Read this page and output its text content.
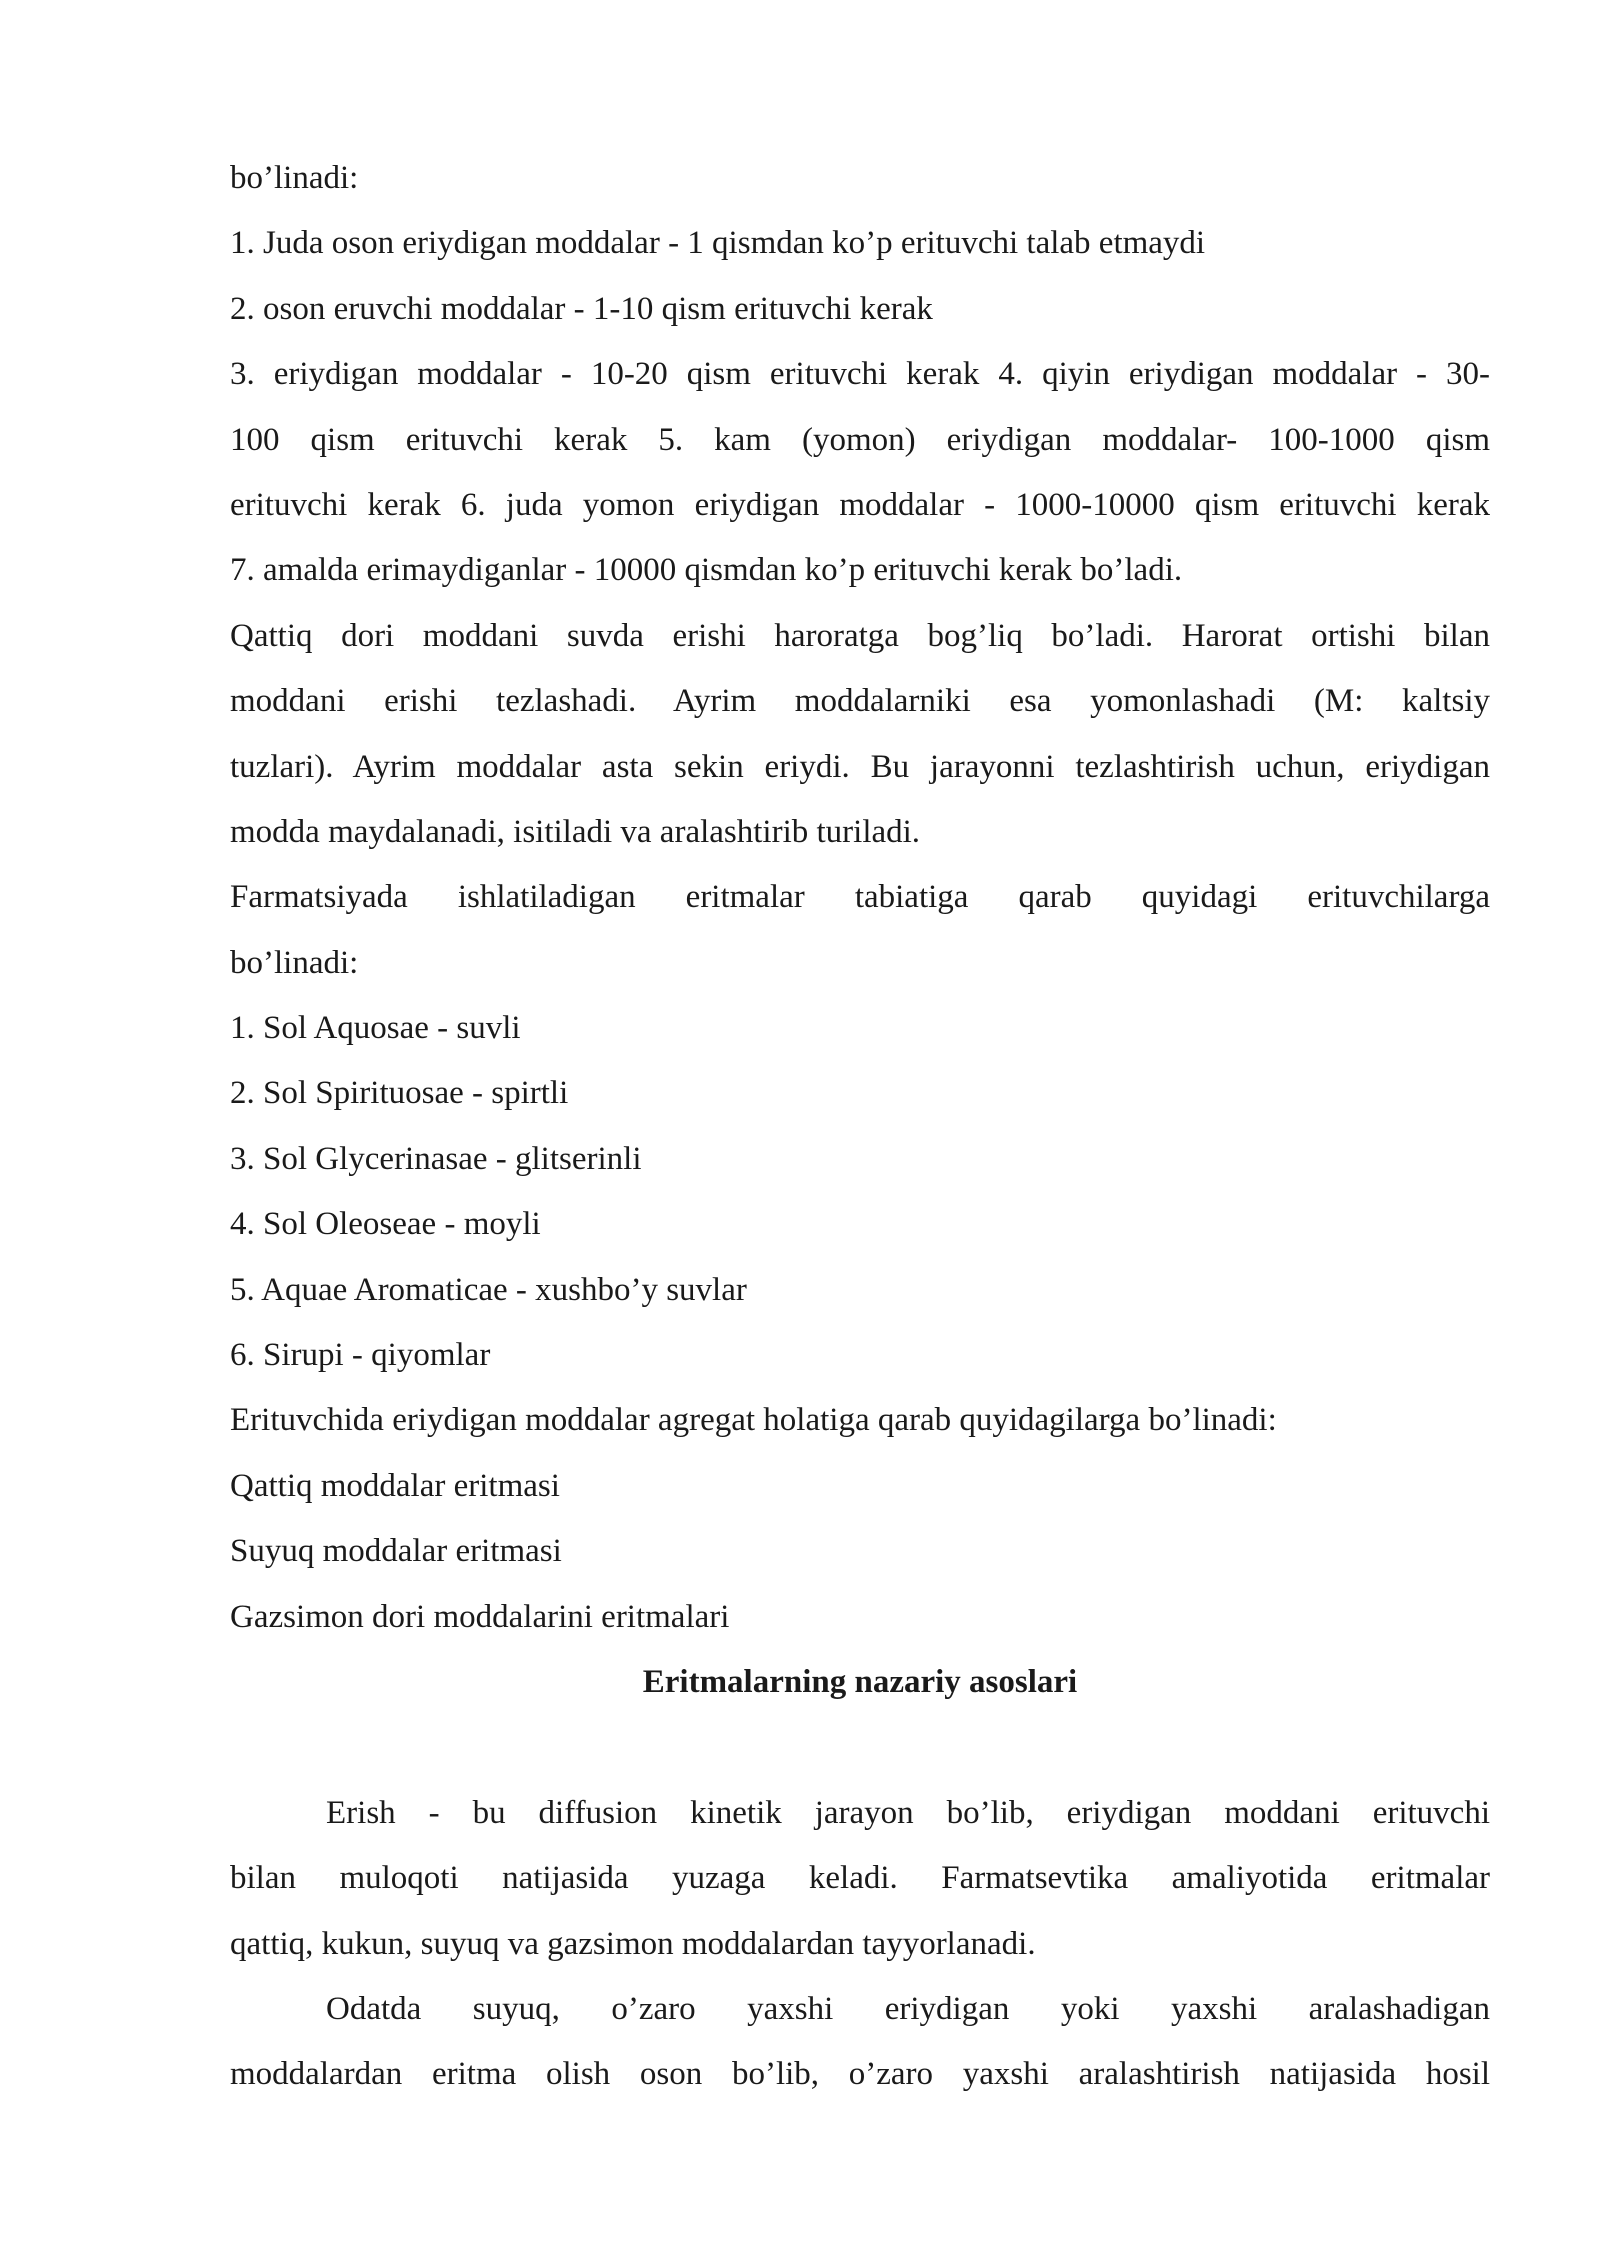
bo’linadi:
1. Juda oson eriydigan moddalar - 1 qismdan ko’p erituvchi talab etmaydi
2. oson eruvchi moddalar - 1-10 qism erituvchi kerak
3. eriydigan moddalar - 10-20 qism erituvchi kerak 4. qiyin eriydigan moddalar - 30-
100 qism erituvchi kerak 5. kam (yomon) eriydigan moddalar- 100-1000 qism
erituvchi kerak 6. juda yomon eriydigan moddalar - 1000-10000 qism erituvchi kerak
7. amalda erimaydiganlar - 10000 qismdan ko’p erituvchi kerak bo’ladi.
Qattiq dori moddani suvda erishi haroratga bog’liq bo’ladi. Harorat ortishi bilan
moddani erishi tezlashadi. Ayrim moddalarniki esa yomonlashadi (M: kaltsiy
tuzlari). Ayrim moddalar asta sekin eriydi. Bu jarayonni tezlashtirish uchun, eriydigan
modda maydalanadi, isitiladi va aralashtirib turiladi.
Farmatsiyada ishlatiladigan eritmalar tabiatiga qarab quyidagi erituvchilarga
bo’linadi:
1. Sol Aquosae - suvli
2. Sol Spirituosae - spirtli
3. Sol Glycerinasae - glitserinli
4. Sol Oleoseae - moyli
5. Aquae Aromaticae - xushbo’y suvlar
6. Sirupi - qiyomlar
Erituvchida eriydigan moddalar agregat holatiga qarab quyidagilarga bo’linadi:
Qattiq moddalar eritmasi
Suyuq moddalar eritmasi
Gazsimon dori moddalarini eritmalari
Eritmalarning nazariy asoslari
Erish - bu diffusion kinetik jarayon bo’lib, eriydigan moddani erituvchi
bilan muloqoti natijasida yuzaga keladi. Farmatsevtika amaliyotida eritmalar
qattiq, kukun, suyuq va gazsimon moddalardan tayyorlanadi.
Odatda suyuq, o’zaro yaxshi eriydigan yoki yaxshi aralashadigan
moddalardan eritma olish oson bo’lib, o’zaro yaxshi aralashtirish natijasida hosil
